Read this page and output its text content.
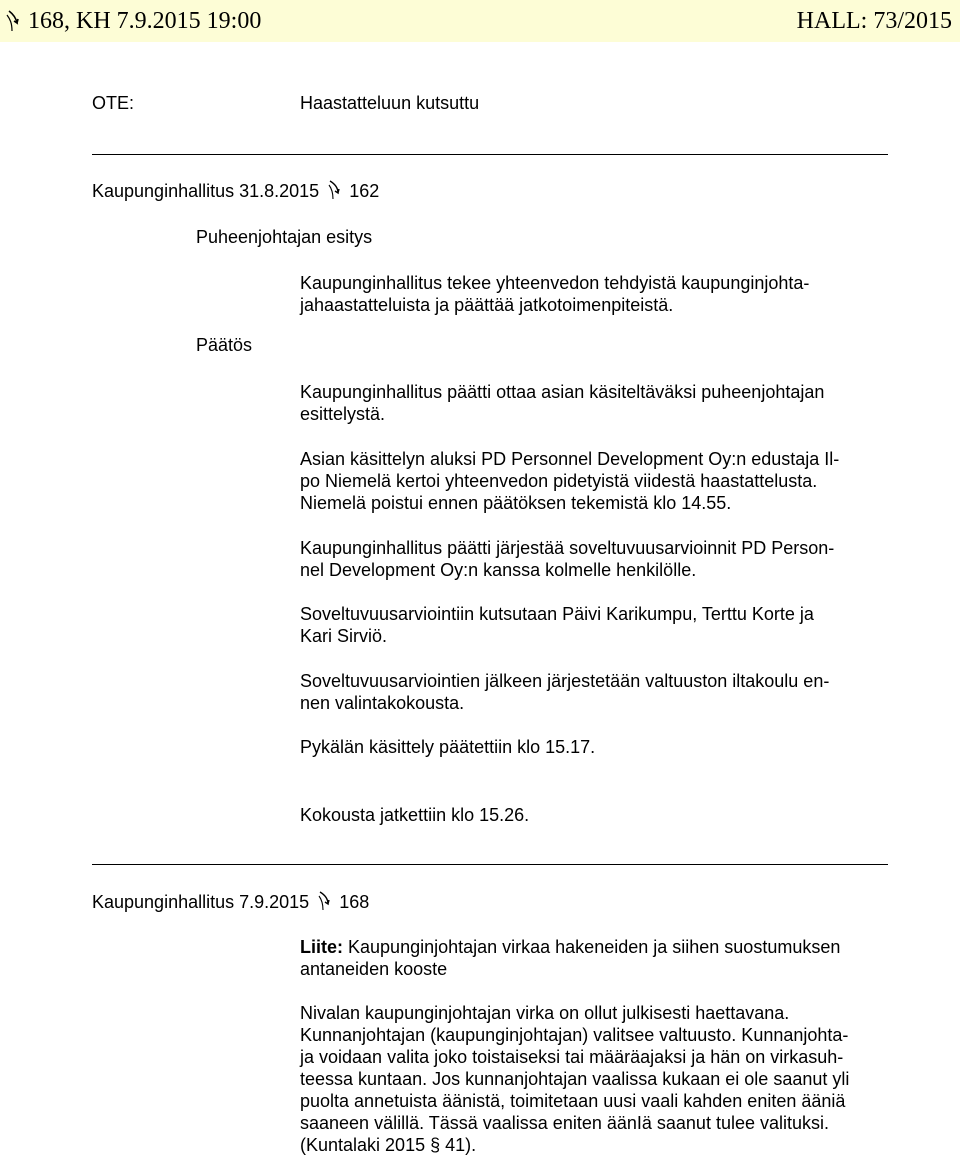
168, KH 7.9.2015 19:00	HALL: 73/2015
OTE:	Haastatteluun kutsuttu
Kaupunginhallitus 31.8.2015 162
Puheenjohtajan esitys
Kaupunginhallitus tekee yhteenvedon tehdyistä kaupunginjohta-
jahaastatteluista ja päättää jatkotoimenpiteistä.
Päätös
Kaupunginhallitus päätti ottaa asian käsiteltäväksi puheenjohtajan
esittelystä.
Asian käsittelyn aluksi PD Personnel Development Oy:n edustaja Il-
po Niemelä kertoi yhteenvedon pidetyistä viidestä haastattelusta.
Niemelä poistui ennen päätöksen tekemistä klo 14.55.
Kaupunginhallitus päätti järjestää soveltuvuusarvioinnit PD Person-
nel Development Oy:n kanssa kolmelle henkilölle.
Soveltuvuusarviointiin kutsutaan Päivi Karikumpu, Terttu Korte ja
Kari Sirviö.
Soveltuvuusarviointien jälkeen järjestetään valtuuston iltakoulu en-
nen valintakokousta.
Pykälän käsittely päätettiin klo 15.17.
Kokousta jatkettiin klo 15.26.
Kaupunginhallitus 7.9.2015 168
Liite: Kaupunginjohtajan virkaa hakeneiden ja siihen suostumuksen
antaneiden kooste
Nivalan kaupunginjohtajan virka on ollut julkisesti haettavana.
Kunnanjohtajan (kaupunginjohtajan) valitsee valtuusto. Kunnanjohta-
ja voidaan valita joko toistaiseksi tai määräajaksi ja hän on virkasuh-
teessa kuntaan. Jos kunnanjohtajan vaalissa kukaan ei ole saanut yli
puolta annetuista äänistä, toimitetaan uusi vaali kahden eniten ääniä
saaneen välillä. Tässä vaalissa eniten äänIä saanut tulee valituksi.
(Kuntalaki 2015 § 41).
